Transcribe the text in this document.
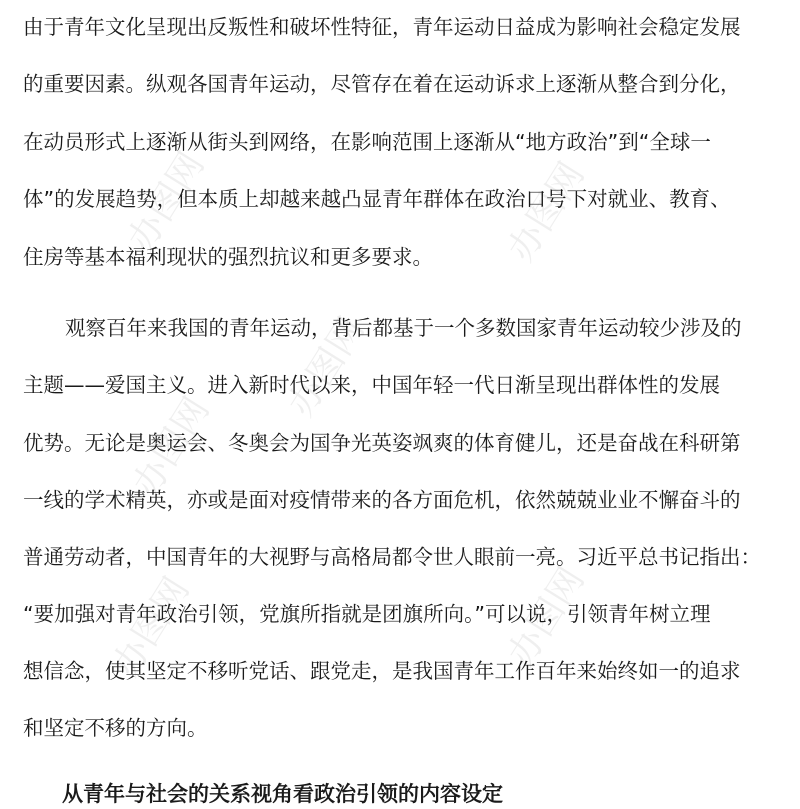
办图网	办图网
办图网
办图网
办图网	办图网
由于青年文化呈现出反叛性和破坏性特征，青年运动日益成为影响社会稳定发展
的重要因素。纵观各国青年运动，尽管存在着在运动诉求上逐渐从整合到分化，
在动员形式上逐渐从街头到网络，在影响范围上逐渐从“地方政治”到“全球一
体”的发展趋势，但本质上却越来越凸显青年群体在政治口号下对就业、教育、
住房等基本福利现状的强烈抗议和更多要求。
观察百年来我国的青年运动，背后都基于一个多数国家青年运动较少涉及的
主题——爱国主义。进入新时代以来，中国年轻一代日渐呈现出群体性的发展
优势。无论是奥运会、冬奥会为国争光英姿飒爽的体育健儿，还是奋战在科研第
一线的学术精英，亦或是面对疫情带来的各方面危机，依然兢兢业业不懈奋斗的
普通劳动者，中国青年的大视野与高格局都令世人眼前一亮。习近平总书记指出：
“要加强对青年政治引领，党旗所指就是团旗所向。”可以说，引领青年树立理
想信念，使其坚定不移听党话、跟党走，是我国青年工作百年来始终如一的追求
和坚定不移的方向。
从青年与社会的关系视角看政治引领的内容设定
